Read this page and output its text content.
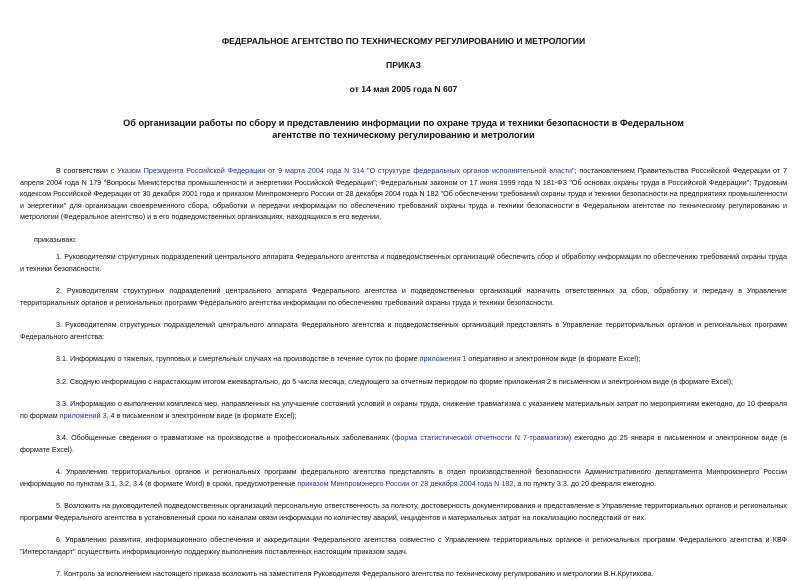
ФЕДЕРАЛЬНОЕ АГЕНТСТВО ПО ТЕХНИЧЕСКОМУ РЕГУЛИРОВАНИЮ И МЕТРОЛОГИИ
ПРИКАЗ
от 14 мая 2005 года N 607
Об организации работы по сбору и представлению информации по охране труда и техники безопасности в Федеральном агентстве по техническому регулированию и метрологии

В соответствии с Указом Президента Российской Федерации от 9 марта 2004 года N 314 "О структуре федеральных органов исполнительной власти"; постановлением Правительства Российской Федерации от 7 апреля 2004 года N 179 "Вопросы Министерства промышленности и энергетики Российской Федерации"; Федеральным законом от 17 июня 1999 года N 181-ФЗ "Об основах охраны труда в Российской Федерации"; Трудовым кодексом Российской Федерации от 30 декабря 2001 года и приказом Минпромэнерго России от 28 декабря 2004 года N 182 "Об обеспечении требований охраны труда и техники безопасности на предприятиях промышленности и энергетики" для организации своевременного сбора, обработки и передачи информации по обеспечению требований охраны труда и техники безопасности в Федеральном агентстве по техническому регулированию и метрологии (Федеральное агентство) и в его подведомственных организациях, находящихся в его ведении,

приказываю:

1. Руководителям структурных подразделений центрального аппарата Федерального агентства и подведомственных организаций обеспечить сбор и обработку информации по обеспечению требований охраны труда и техники безопасности.

2. Руководителям структурных подразделений центрального аппарата Федерального агентства и подведомственных организаций назначить ответственных за сбор, обработку и передачу в Управление территориальных органов и региональных программ Федерального агентства информации по обеспечению требований охраны труда и техники безопасности.

3. Руководителям структурных подразделений центрального аппарата Федерального агентства и подведомственных организаций представлять в Управление территориальных органов и региональных программ Федерального агентства:

3.1. Информацию о тяжелых, групповых и смертельных случаях на производстве в течение суток по форме приложения 1 оперативно и электронном виде (в формате Excel);

3.2. Сводную информацию с нарастающим итогом ежеквартально, до 5 числа месяца, следующего за отчетным периодом по форме приложения 2 в письменном и электронном виде (в формате Excel);

3.3. Информацию о выполнении комплекса мер, направленных на улучшение состояний условий и охраны труда, снижение травматизма с указанием материальных затрат по мероприятиям ежегодно, до 10 февраля по формам приложений 3, 4 в письменном и электронном виде (в формате Excel);

3.4. Обобщенные сведения о травматизме на производстве и профессиональных заболеваниях (форма статистической отчетности N 7-травматизм) ежегодно до 25 января в письменном и электронном виде (в формате Excel).

4. Управлению территориальных органов и региональных программ федерального агентства представлять в отдел производственной безопасности Административного департамента Минпромэнерго России информацию по пунктам 3.1, 3.2, 3.4 (в формате Word) в сроки, предусмотренные приказом Минпромэнерго России от 28 декабря 2004 года N 182, а по пункту 3.3. до 20 февраля ежегодно.

5. Возложить на руководителей подведомственных организаций персональную ответственность за полноту, достоверность документирования и представление в Управление территориальных органов и региональных программ Федерального агентства в установленный сроки по каналам связи информации по количеству аварий, инцидентов и материальных затрат на локализацию последствий от них.

6. Управлению развития, информационного обеспечения и аккредитации Федерального агентства совместно с Управлением территориальных органов и региональных программ Федерального агентства и КВФ "Интерстандарт" осуществить информационную поддержку выполнения поставленных настоящим приказом задач.

7. Контроль за исполнением настоящего приказа возложить на заместителя Руководителя Федерального агентства по техническому регулированию и метрологии В.Н.Крутикова.
